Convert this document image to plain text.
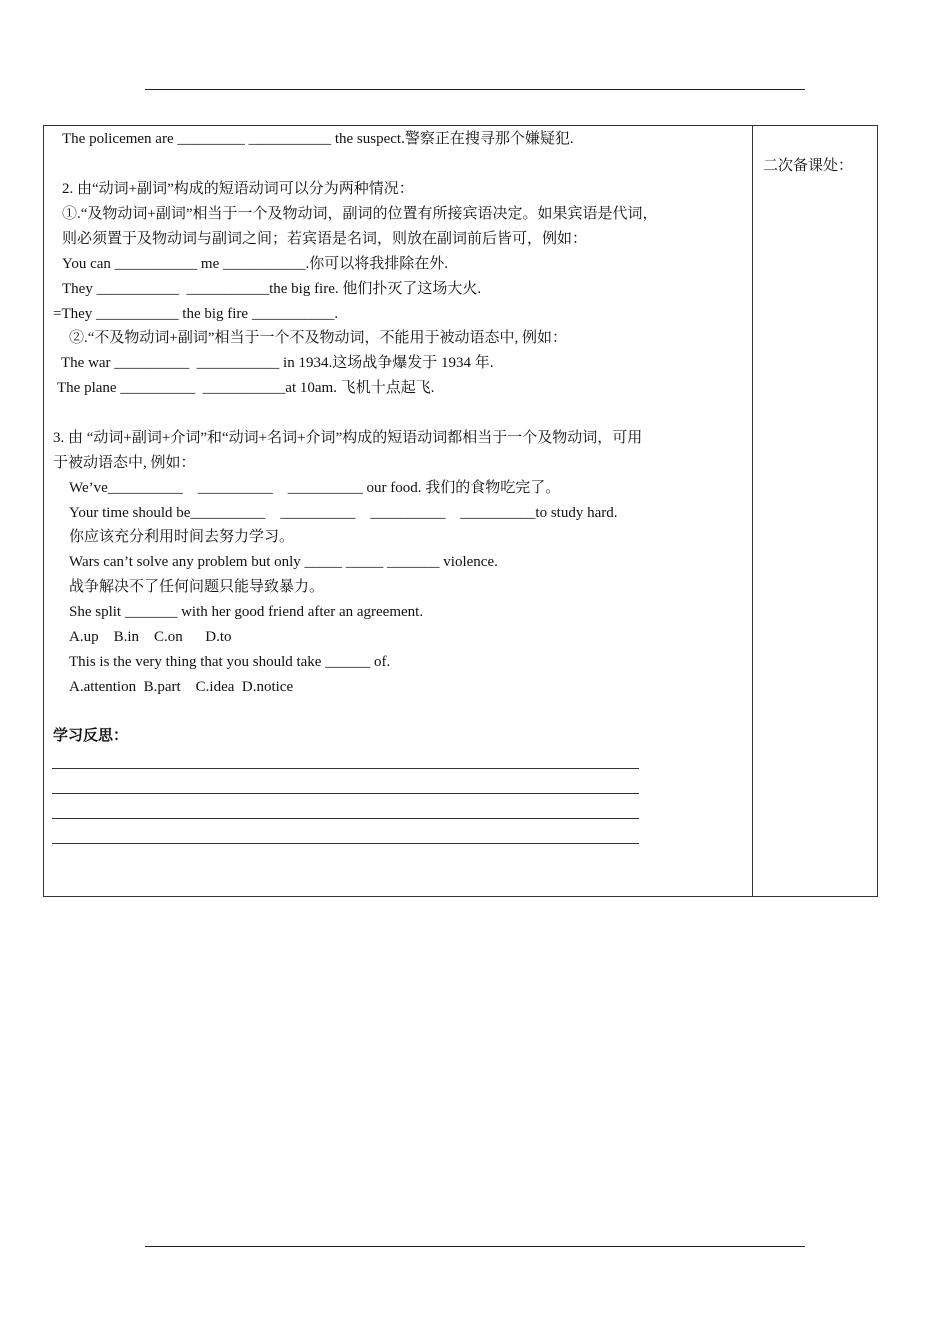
The policemen are _________ ___________ the suspect.警察正在搜寻那个嫌疑犯.
2. 由“动词+副词”构成的短语动词可以分为两种情况：
①.“及物动词+副词”相当于一个及物动词，副词的位置有所接宾语决定。如果宾语是代词，
则必须置于及物动词与副词之间；若宾语是名词，则放在副词前后皆可，例如：
You can ___________ me ___________.你可以将我排除在外.
They ___________  ___________the big fire. 他们扑灭了这场大火.
=They ___________ the big fire ___________.
②.“不及物动词+副词”相当于一个不及物动词，不能用于被动语态中, 例如：
The war __________  ___________ in 1934.这场战争爆发于 1934 年.
The plane __________  ___________at 10am. 飞机十点起飞.
3. 由 “动词+副词+介词”和“动词+名词+介词”构成的短语动词都相当于一个及物动词，可用
于被动语态中, 例如：
We’ve__________    __________    __________ our food. 我们的食物吃完了。
Your time should be__________    __________    __________    __________to study hard.
你应该充分利用时间去努力学习。
Wars can’t solve any problem but only _____ _____ _______ violence.
战争解决不了任何问题只能导致暴力。
She split _______ with her good friend after an agreement.
A.up    B.in    C.on      D.to
This is the very thing that you should take ______ of.
A.attention  B.part    C.idea  D.notice
学习反思：
二次备课处：
